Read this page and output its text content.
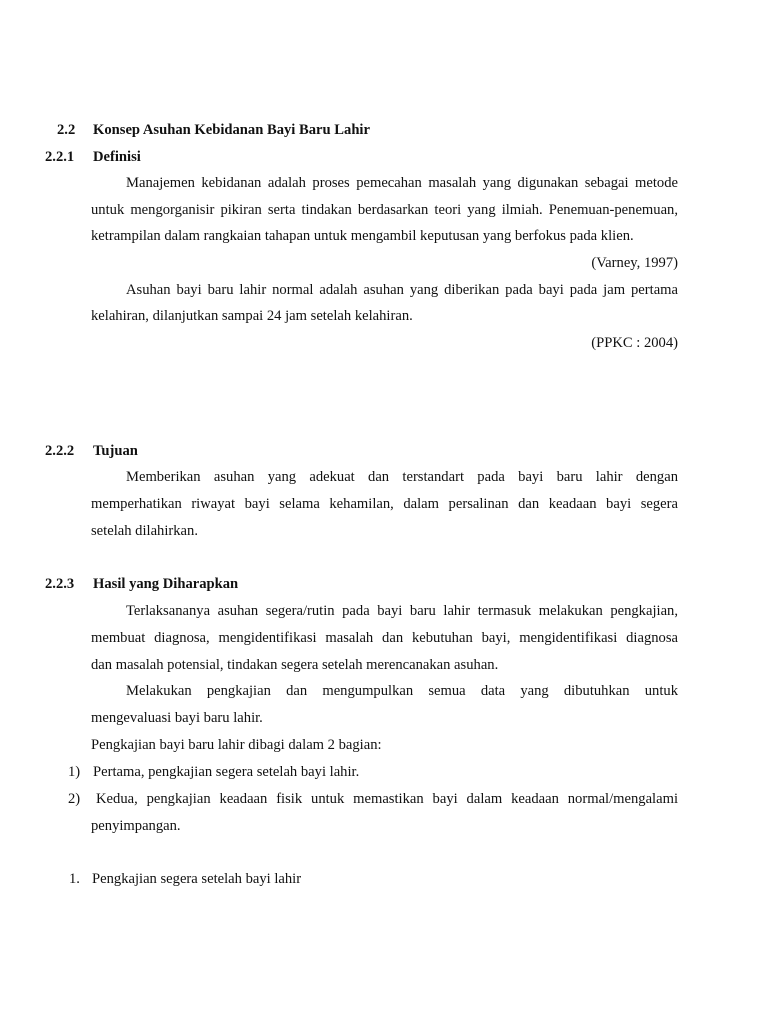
2.2 Konsep Asuhan Kebidanan Bayi Baru Lahir
2.2.1 Definisi
Manajemen kebidanan adalah proses pemecahan masalah yang digunakan sebagai metode
untuk mengorganisir pikiran serta tindakan berdasarkan teori yang ilmiah. Penemuan-penemuan,
ketrampilan dalam rangkaian tahapan untuk mengambil keputusan yang berfokus pada klien.
(Varney, 1997)
Asuhan bayi baru lahir normal adalah asuhan yang diberikan pada bayi pada jam pertama
kelahiran, dilanjutkan sampai 24 jam setelah kelahiran.
(PPKC : 2004)
2.2.2 Tujuan
Memberikan asuhan yang adekuat dan terstandart pada bayi baru lahir dengan
memperhatikan riwayat bayi selama kehamilan, dalam persalinan dan keadaan bayi segera
setelah dilahirkan.
2.2.3 Hasil yang Diharapkan
Terlaksananya asuhan segera/rutin pada bayi baru lahir termasuk melakukan pengkajian,
membuat diagnosa, mengidentifikasi masalah dan kebutuhan bayi, mengidentifikasi diagnosa
dan masalah potensial, tindakan segera setelah merencanakan asuhan.
Melakukan pengkajian dan mengumpulkan semua data yang dibutuhkan untuk
mengevaluasi bayi baru lahir.
Pengkajian bayi baru lahir dibagi dalam 2 bagian:
1) Pertama, pengkajian segera setelah bayi lahir.
2) Kedua, pengkajian keadaan fisik untuk memastikan bayi dalam keadaan normal/mengalami
penyimpangan.
1. Pengkajian segera setelah bayi lahir
